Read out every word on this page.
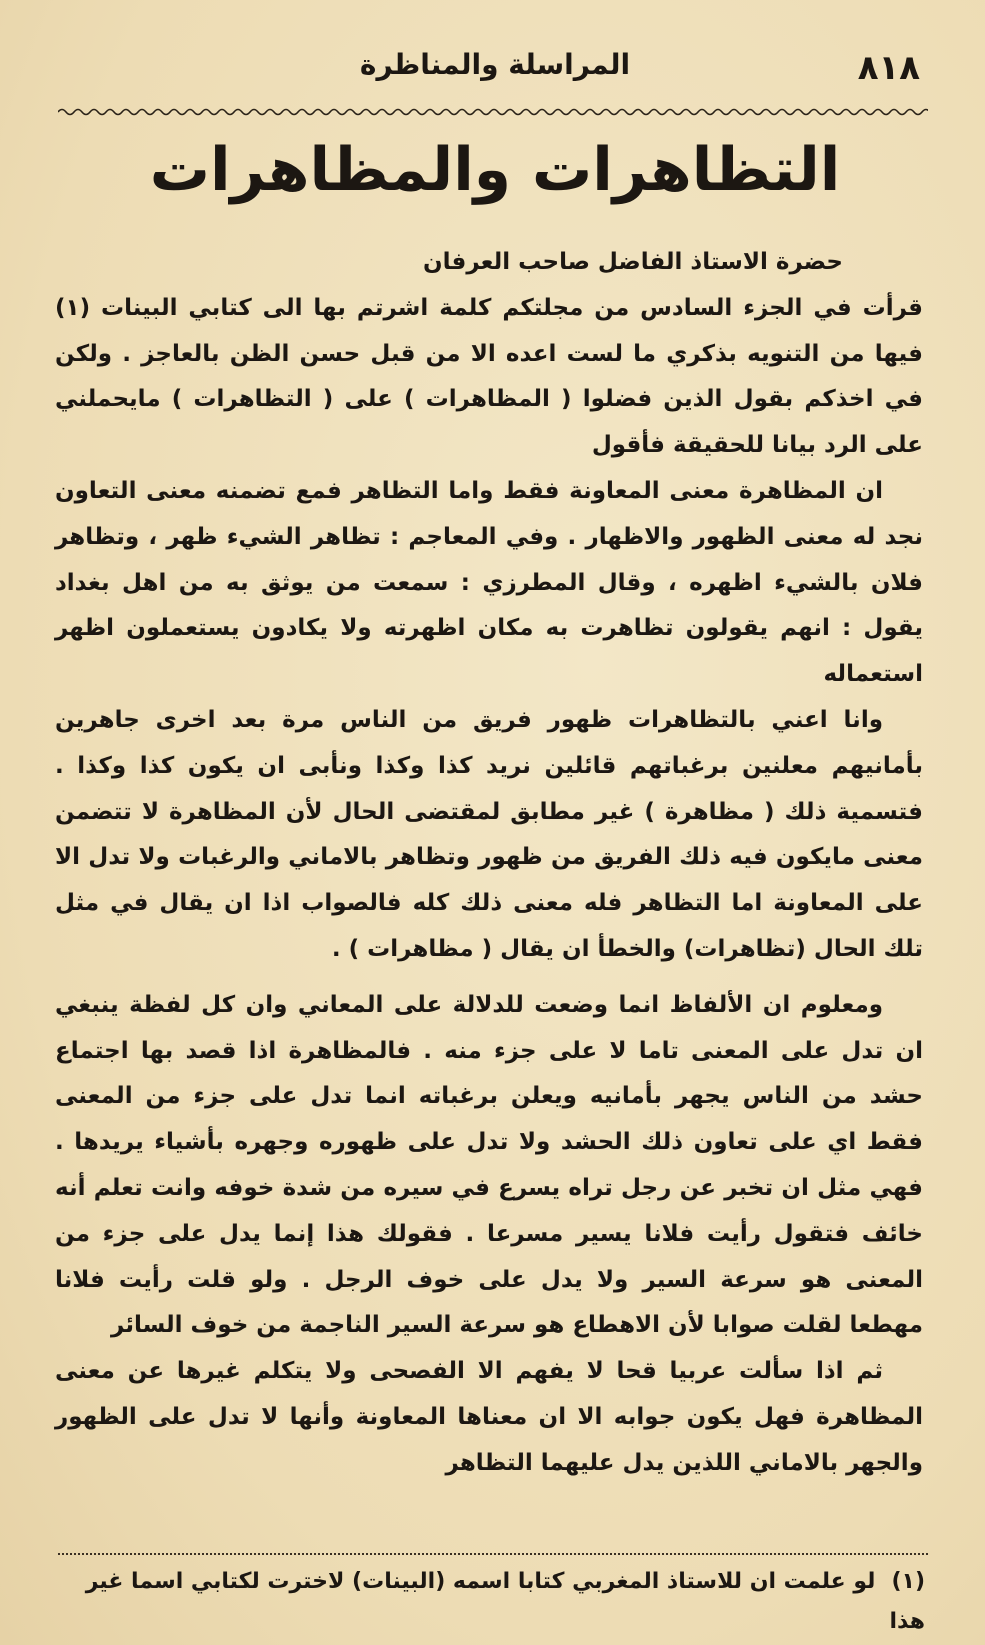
٨١٨
المراسلة والمناظرة
التظاهرات والمظاهرات

حضرة الاستاذ الفاضل صاحب العرفان

قرأت في الجزء السادس من مجلتكم كلمة اشرتم بها الى كتابي البينات (١) فيها من التنويه بذكري ما لست اعده الا من قبل حسن الظن بالعاجز . ولكن في اخذكم بقول الذين فضلوا ( المظاهرات ) على ( التظاهرات ) مايحملني على الرد بيانا للحقيقة فأقول

ان المظاهرة معنى المعاونة فقط واما التظاهر فمع تضمنه معنى التعاون نجد له معنى الظهور والاظهار . وفي المعاجم : تظاهر الشيء ظهر ، وتظاهر فلان بالشيء اظهره ، وقال المطرزي : سمعت من يوثق به من اهل بغداد يقول : انهم يقولون تظاهرت به مكان اظهرته ولا يكادون يستعملون اظهر استعماله

وانا اعني بالتظاهرات ظهور فريق من الناس مرة بعد اخرى جاهرين بأمانيهم معلنين برغباتهم قائلين نريد كذا وكذا ونأبى ان يكون كذا وكذا . فتسمية ذلك ( مظاهرة ) غير مطابق لمقتضى الحال لأن المظاهرة لا تتضمن معنى مايكون فيه ذلك الفريق من ظهور وتظاهر بالاماني والرغبات ولا تدل الا على المعاونة اما التظاهر فله معنى ذلك كله فالصواب اذا ان يقال في مثل تلك الحال (تظاهرات) والخطأ ان يقال ( مظاهرات ) .

ومعلوم ان الألفاظ انما وضعت للدلالة على المعاني وان كل لفظة ينبغي ان تدل على المعنى تاما لا على جزء منه . فالمظاهرة اذا قصد بها اجتماع حشد من الناس يجهر بأمانيه ويعلن برغباته انما تدل على جزء من المعنى فقط اي على تعاون ذلك الحشد ولا تدل على ظهوره وجهره بأشياء يريدها . فهي مثل ان تخبر عن رجل تراه يسرع في سيره من شدة خوفه وانت تعلم أنه خائف فتقول رأيت فلانا يسير مسرعا . فقولك هذا إنما يدل على جزء من المعنى هو سرعة السير ولا يدل على خوف الرجل . ولو قلت رأيت فلانا مهطعا لقلت صوابا لأن الاهطاع هو سرعة السير الناجمة من خوف السائر

ثم اذا سألت عربيا قحا لا يفهم الا الفصحى ولا يتكلم غيرها عن معنى المظاهرة فهل يكون جوابه الا ان معناها المعاونة وأنها لا تدل على الظهور والجهر بالاماني اللذين يدل عليهما التظاهر

(١)لو علمت ان للاستاذ المغربي كتابا اسمه (البينات) لاخترت لكتابي اسما غير هذا
